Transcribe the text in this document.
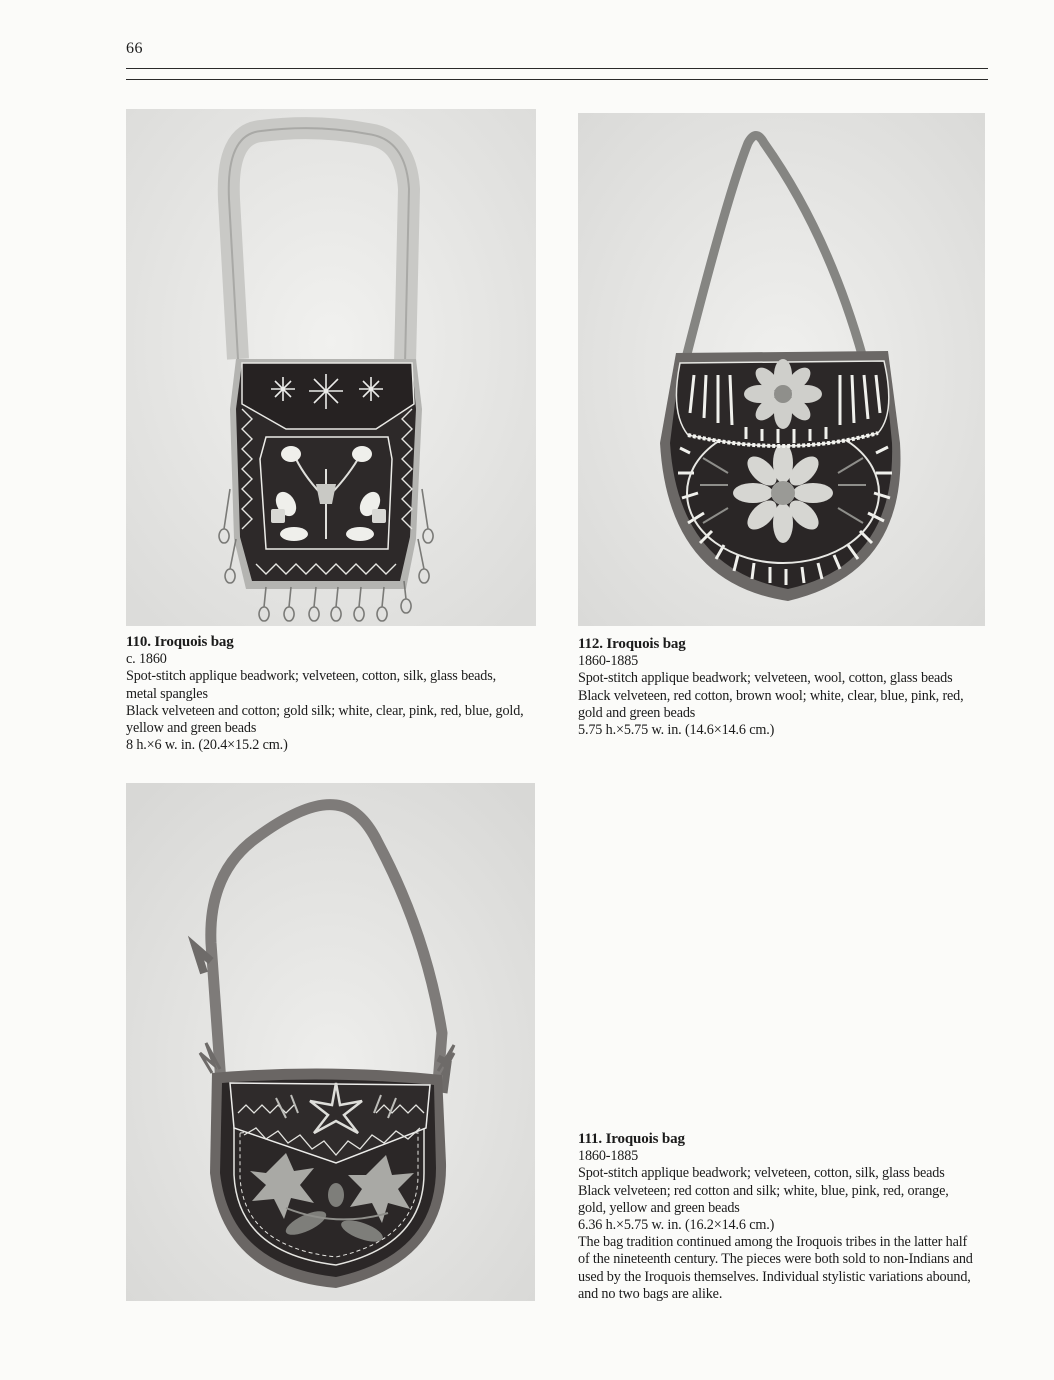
66
110. Iroquois bag
c. 1860
Spot-stitch applique beadwork; velveteen, cotton, silk, glass beads,
metal spangles
Black velveteen and cotton; gold silk; white, clear, pink, red, blue, gold,
yellow and green beads
8 h.×6 w. in. (20.4×15.2 cm.)
112. Iroquois bag
1860-1885
Spot-stitch applique beadwork; velveteen, wool, cotton, glass beads
Black velveteen, red cotton, brown wool; white, clear, blue, pink, red,
gold and green beads
5.75 h.×5.75 w. in. (14.6×14.6 cm.)
111. Iroquois bag
1860-1885
Spot-stitch applique beadwork; velveteen, cotton, silk, glass beads
Black velveteen; red cotton and silk; white, blue, pink, red, orange,
gold, yellow and green beads
6.36 h.×5.75 w. in. (16.2×14.6 cm.)
The bag tradition continued among the Iroquois tribes in the latter half
of the nineteenth century. The pieces were both sold to non-Indians and
used by the Iroquois themselves. Individual stylistic variations abound,
and no two bags are alike.
